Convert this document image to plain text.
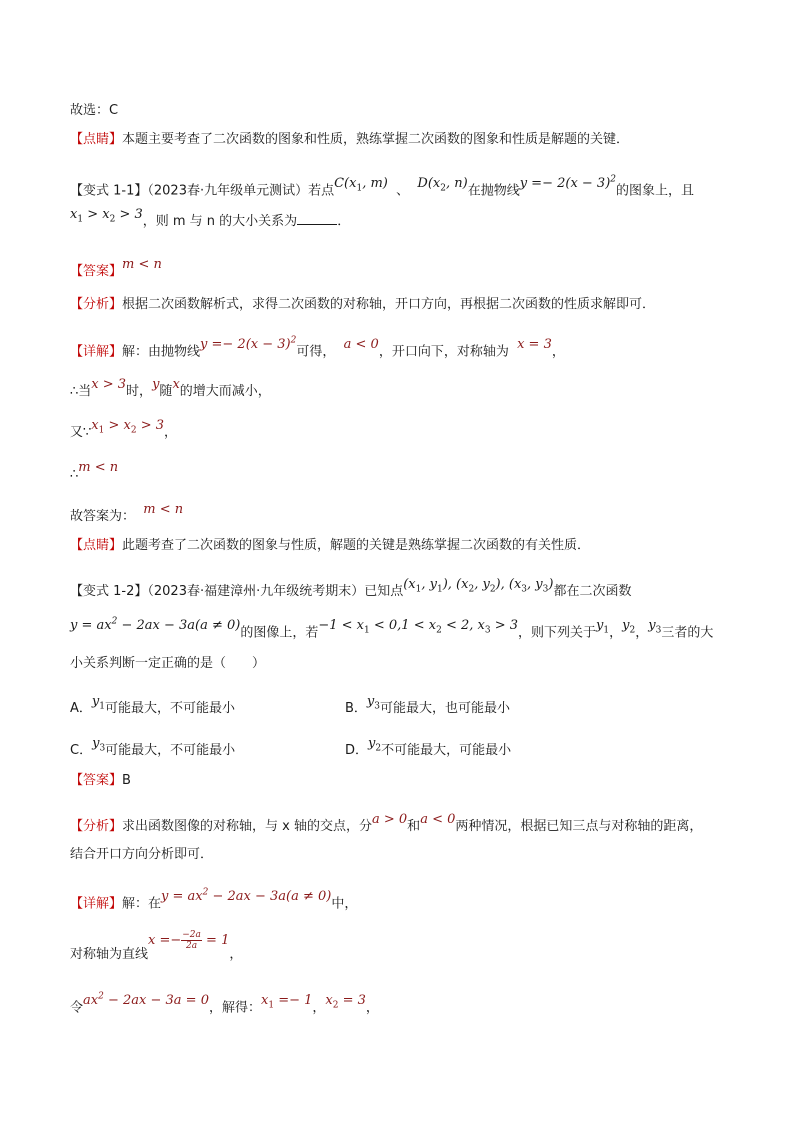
故选：C
【点睛】本题主要考查了二次函数的图象和性质，熟练掌握二次函数的图象和性质是解题的关键．
【变式 1-1】（2023春·九年级单元测试）若点$C(x_1$, m) 、 $D(x_2$, n)在抛物线$y =- 2(x - 3)^2$的图象上，且
$x_1 > x_2 > 3$，则 m 与 n 的大小关系为	．
【答案】m < n
【分析】根据二次函数解析式，求得二次函数的对称轴，开口方向，再根据二次函数的性质求解即可．
【详解】解：由抛物线$y =- 2(x - 3)^2$可得， a < 0，开口向下，对称轴为 x = 3，
∴当x > 3时，y随x的增大而减小，
又$\because x_1 > x_2 > 3$，
∴m < n
故答案为： m < n
【点睛】此题考查了二次函数的图象与性质，解题的关键是熟练掌握二次函数的有关性质．
【变式 1-2】（2023春·福建漳州·九年级统考期末）已知点($x_1$, $y_1$), ($x_2$, $y_2$), ($x_3$, $y_3$)都在二次函数
$y = ax^2 - 2ax - 3a(a \ne 0)$的图像上，若$-1 < x_1 < 0,1 < x_2 < 2$, $x_3 > 3$，则下列关于$y_1$，$y_2$，$y_3$三者的大
小关系判断一定正确的是（　　）
A．$y_1$可能最大，不可能最小	B．$y_3$可能最大，也可能最小
C．$y_3$可能最大，不可能最小	D．$y_2$不可能最大，可能最小
【答案】B
【分析】求出函数图像的对称轴，与 x 轴的交点，分a > 0和a < 0两种情况，根据已知三点与对称轴的距离，
结合开口方向分析即可．
【详解】解：在$y = ax^2 - 2ax - 3a(a \ne 0)$中，
对称轴为直线$x =- \frac{-2a}{2a} = 1$，
令$ax^2 - 2ax - 3a = 0$，解得：$x_1 =- 1$，$x_2 = 3$，
